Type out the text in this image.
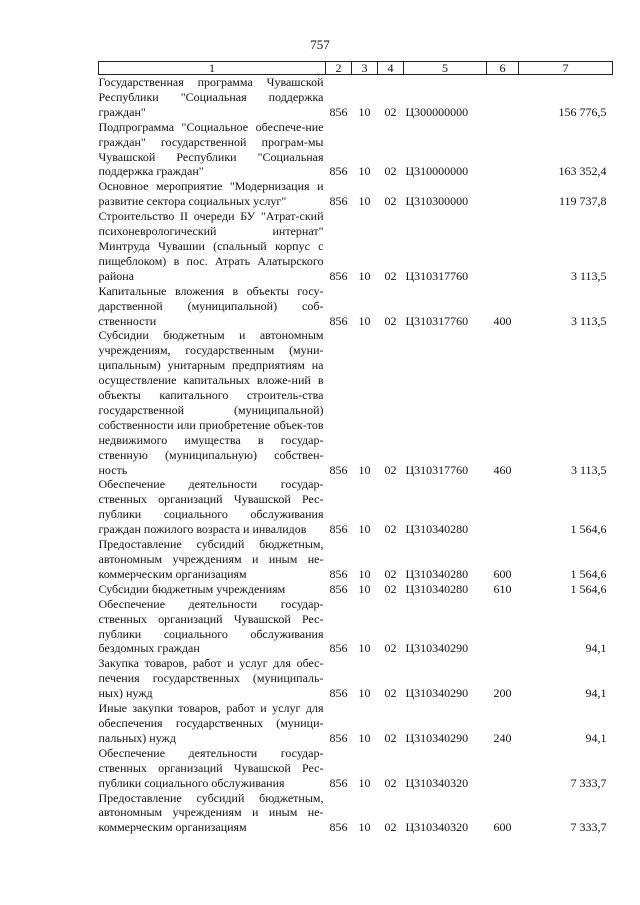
757
1	2	3	4	5	6	7
Государственная программа Чувашской Республики "Социальная поддержка граждан"	856	10	02	Ц300000000		156 776,5
Подпрограмма "Социальное обеспече-ние граждан" государственной програм-мы Чувашской Республики "Социальная поддержка граждан"	856	10	02	Ц310000000		163 352,4
Основное мероприятие "Модернизация и развитие сектора социальных услуг"	856	10	02	Ц310300000		119 737,8
Строительство II очереди БУ "Атрат-ский психоневрологический интернат" Минтруда Чувашии (спальный корпус с пищеблоком) в пос. Атрать Алатырского района	856	10	02	Ц310317760		3 113,5
Капитальные вложения в объекты госу-дарственной (муниципальной) соб-ственности	856	10	02	Ц310317760	400	3 113,5
Субсидии бюджетным и автономным учреждениям, государственным (муни-ципальным) унитарным предприятиям на осуществление капитальных вложе-ний в объекты капитального строитель-ства государственной (муниципальной) собственности или приобретение объек-тов недвижимого имущества в государ-ственную (муниципальную) собствен-ность	856	10	02	Ц310317760	460	3 113,5
Обеспечение деятельности государ-ственных организаций Чувашской Рес-публики социального обслуживания граждан пожилого возраста и инвалидов	856	10	02	Ц310340280		1 564,6
Предоставление субсидий бюджетным, автономным учреждениям и иным не-коммерческим организациям	856	10	02	Ц310340280	600	1 564,6
Субсидии бюджетным учреждениям	856	10	02	Ц310340280	610	1 564,6
Обеспечение деятельности государ-ственных организаций Чувашской Рес-публики социального обслуживания бездомных граждан	856	10	02	Ц310340290		94,1
Закупка товаров, работ и услуг для обес-печения государственных (муниципаль-ных) нужд	856	10	02	Ц310340290	200	94,1
Иные закупки товаров, работ и услуг для обеспечения государственных (муници-пальных) нужд	856	10	02	Ц310340290	240	94,1
Обеспечение деятельности государ-ственных организаций Чувашской Рес-публики социального обслуживания	856	10	02	Ц310340320		7 333,7
Предоставление субсидий бюджетным, автономным учреждениям и иным не-коммерческим организациям	856	10	02	Ц310340320	600	7 333,7
